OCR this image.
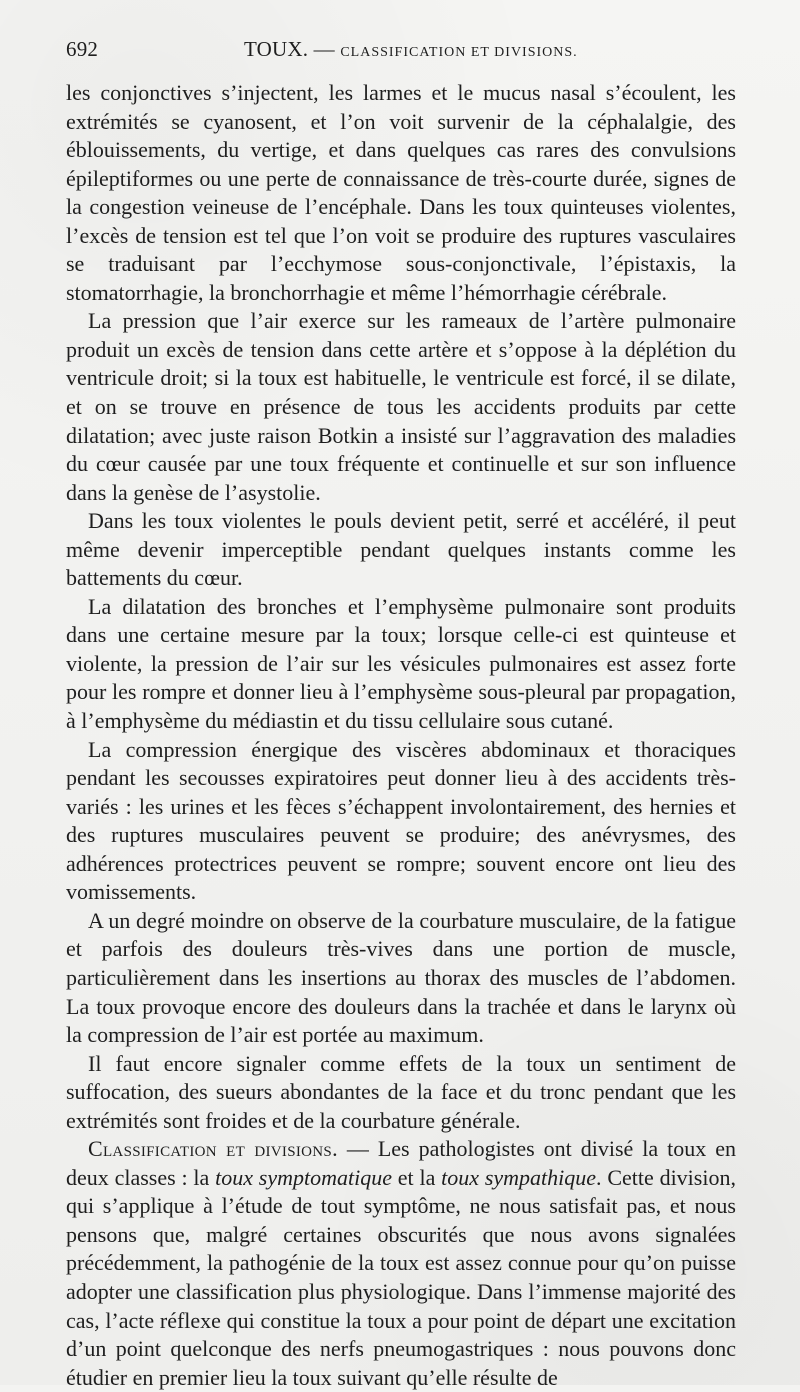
692	TOUX. — CLASSIFICATION ET DIVISIONS.

les conjonctives s’injectent, les larmes et le mucus nasal s’écoulent, les extrémités se cyanosent, et l’on voit survenir de la céphalalgie, des éblouissements, du vertige, et dans quelques cas rares des convulsions épileptiformes ou une perte de connaissance de très-courte durée, signes de la congestion veineuse de l’encéphale. Dans les toux quinteuses violentes, l’excès de tension est tel que l’on voit se produire des ruptures vasculaires se traduisant par l’ecchymose sous-conjonctivale, l’épistaxis, la stomatorrhagie, la bronchorrhagie et même l’hémorrhagie cérébrale.

La pression que l’air exerce sur les rameaux de l’artère pulmonaire produit un excès de tension dans cette artère et s’oppose à la déplétion du ventricule droit; si la toux est habituelle, le ventricule est forcé, il se dilate, et on se trouve en présence de tous les accidents produits par cette dilatation; avec juste raison Botkin a insisté sur l’aggravation des maladies du cœur causée par une toux fréquente et continuelle et sur son influence dans la genèse de l’asystolie.

Dans les toux violentes le pouls devient petit, serré et accéléré, il peut même devenir imperceptible pendant quelques instants comme les battements du cœur.

La dilatation des bronches et l’emphysème pulmonaire sont produits dans une certaine mesure par la toux; lorsque celle-ci est quinteuse et violente, la pression de l’air sur les vésicules pulmonaires est assez forte pour les rompre et donner lieu à l’emphysème sous-pleural par propagation, à l’emphysème du médiastin et du tissu cellulaire sous cutané.

La compression énergique des viscères abdominaux et thoraciques pendant les secousses expiratoires peut donner lieu à des accidents très-variés : les urines et les fèces s’échappent involontairement, des hernies et des ruptures musculaires peuvent se produire; des anévrysmes, des adhérences protectrices peuvent se rompre; souvent encore ont lieu des vomissements.

A un degré moindre on observe de la courbature musculaire, de la fatigue et parfois des douleurs très-vives dans une portion de muscle, particulièrement dans les insertions au thorax des muscles de l’abdomen. La toux provoque encore des douleurs dans la trachée et dans le larynx où la compression de l’air est portée au maximum.

Il faut encore signaler comme effets de la toux un sentiment de suffocation, des sueurs abondantes de la face et du tronc pendant que les extrémités sont froides et de la courbature générale.

Classification et divisions. — Les pathologistes ont divisé la toux en deux classes : la toux symptomatique et la toux sympathique. Cette division, qui s’applique à l’étude de tout symptôme, ne nous satisfait pas, et nous pensons que, malgré certaines obscurités que nous avons signalées précédemment, la pathogénie de la toux est assez connue pour qu’on puisse adopter une classification plus physiologique. Dans l’immense majorité des cas, l’acte réflexe qui constitue la toux a pour point de départ une excitation d’un point quelconque des nerfs pneumogastriques : nous pouvons donc étudier en premier lieu la toux suivant qu’elle résulte de
